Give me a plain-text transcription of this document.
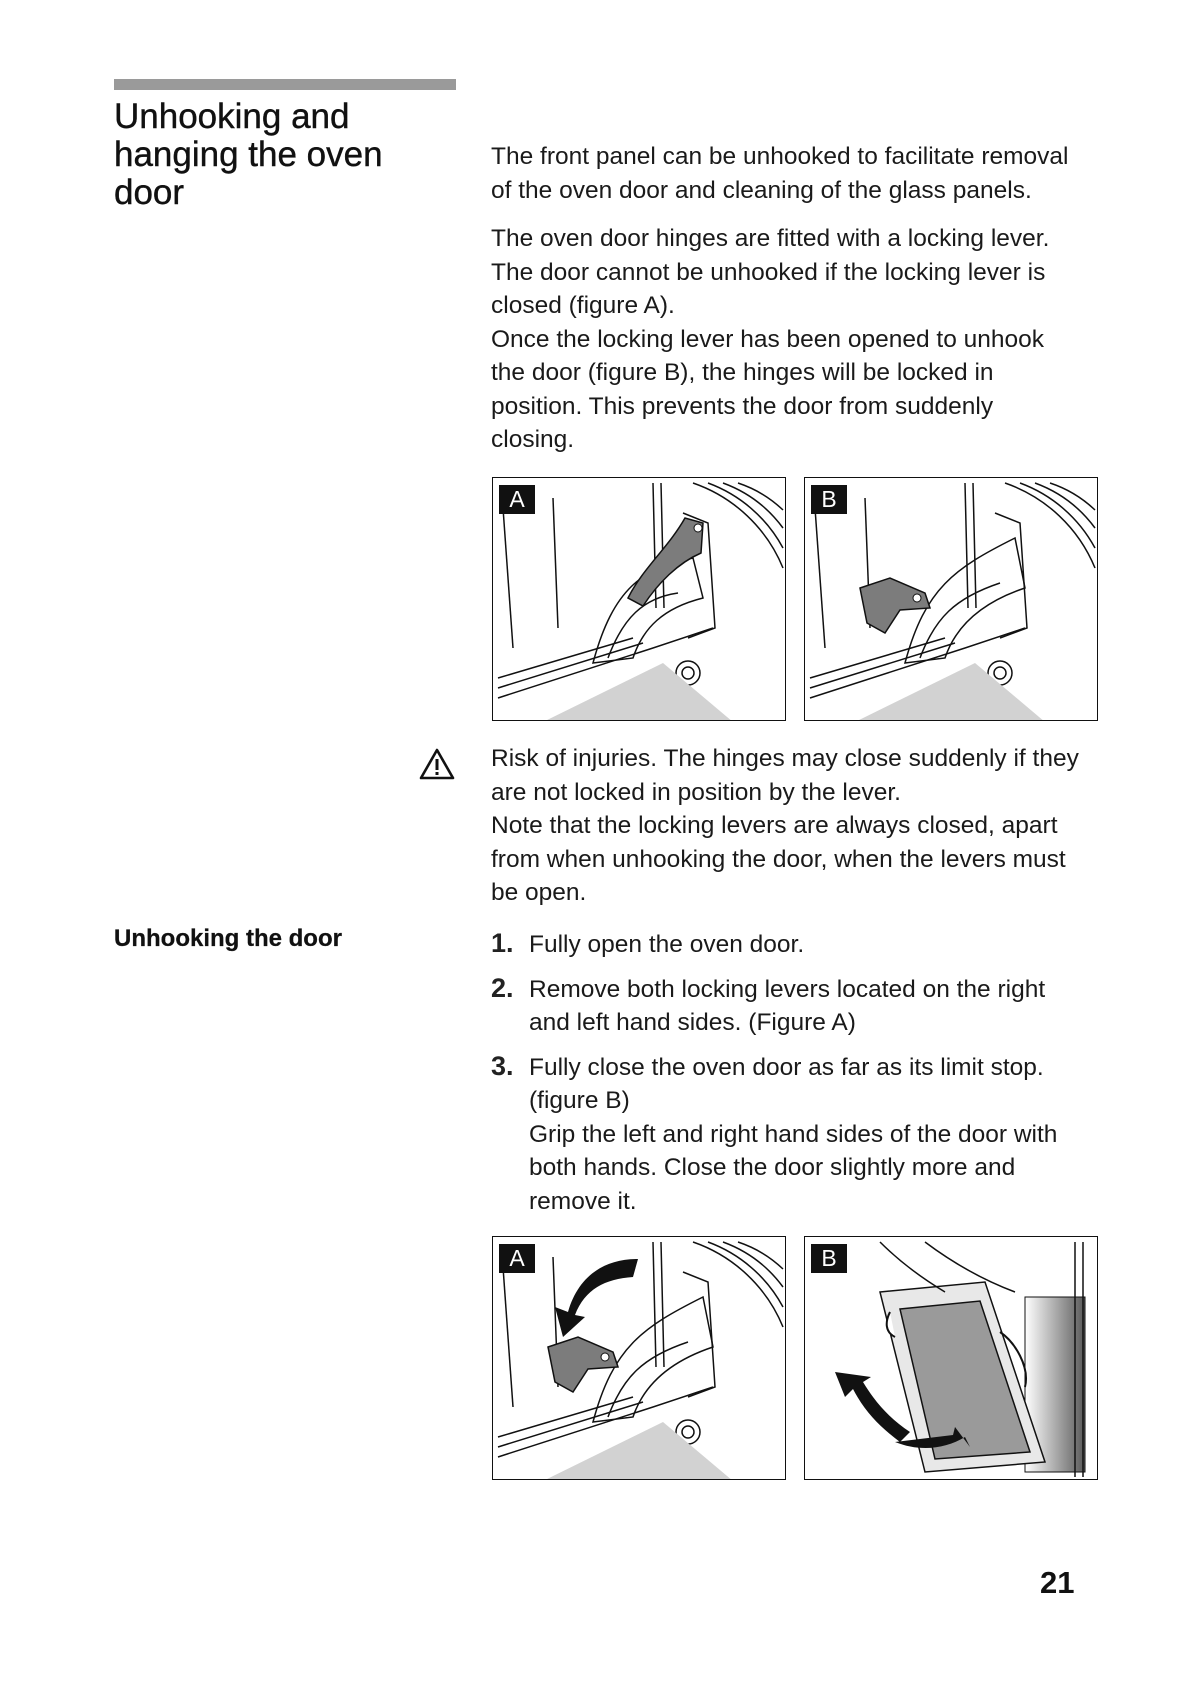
Unhooking and
hanging the oven
door

The front panel can be unhooked to facilitate removal
of the oven door and cleaning of the glass panels.

The oven door hinges are fitted with a locking lever.
The door cannot be unhooked if the locking lever is
closed (figure A).
Once the locking lever has been opened to unhook
the door (figure B), the hinges will be locked in
position. This prevents the door from suddenly
closing.

A	B

Risk of injuries. The hinges may close suddenly if they
are not locked in position by the lever.
Note that the locking levers are always closed, apart
from when unhooking the door, when the levers must
be open.

Unhooking the door	1. Fully open the oven door.
2. Remove both locking levers located on the right
and left hand sides. (Figure A)
3. Fully close the oven door as far as its limit stop.
(figure B)
Grip the left and right hand sides of the door with
both hands. Close the door slightly more and
remove it.
A	B

21
